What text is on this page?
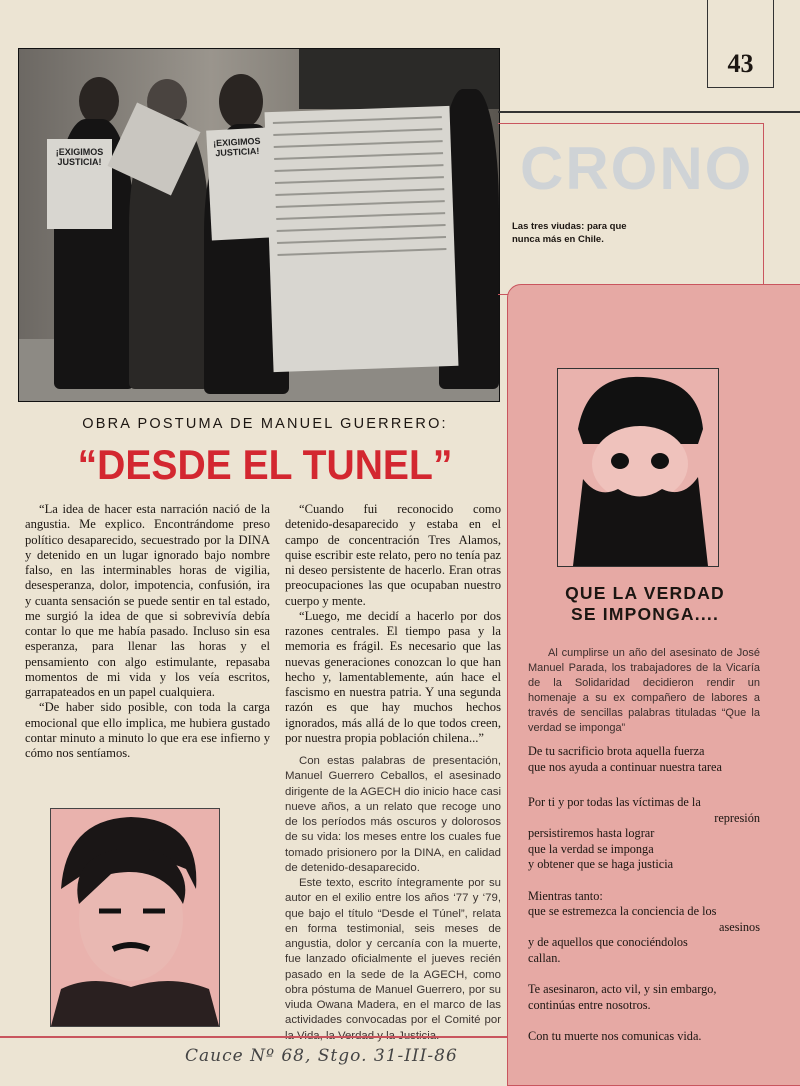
¡EXIGIMOS JUSTICIA!
¡EXIGIMOS JUSTICIA!
43
CRONO
Las tres viudas: para que nunca más en Chile.
OBRA POSTUMA DE MANUEL GUERRERO:
“DESDE EL TUNEL”

“La idea de hacer esta narración nació de la angustia. Me explico. Encontrándome preso político desaparecido, secuestrado por la DINA y detenido en un lugar ignorado bajo nombre falso, en las interminables horas de vigilia, desesperanza, dolor, impotencia, confusión, ira y cuanta sensación se puede sentir en tal estado, me surgió la idea de que si sobrevivía debía contar lo que me había pasado. Incluso sin esa esperanza, para llenar las horas y el pensamiento con algo estimulante, repasaba momentos de mi vida y los veía escritos, garrapateados en un papel cualquiera.

“De haber sido posible, con toda la carga emocional que ello implica, me hubiera gustado contar minuto a minuto lo que era ese infierno y cómo nos sentíamos.

“Cuando fui reconocido como detenido-desaparecido y estaba en el campo de concentración Tres Alamos, quise escribir este relato, pero no tenía paz ni deseo persistente de hacerlo. Eran otras preocupaciones las que ocupaban nuestro cuerpo y mente.

“Luego, me decidí a hacerlo por dos razones centrales. El tiempo pasa y la memoria es frágil. Es necesario que las nuevas generaciones conozcan lo que han hecho y, lamentablemente, aún hace el fascismo en nuestra patria. Y una segunda razón es que hay muchos hechos ignorados, más allá de lo que todos creen, por nuestra propia población chilena...”

Con estas palabras de presentación, Manuel Guerrero Ceballos, el asesinado dirigente de la AGECH dio inicio hace casi nueve años, a un relato que recoge uno de los períodos más oscuros y dolorosos de su vida: los meses entre los cuales fue tomado prisionero por la DINA, en calidad de detenido-desaparecido.

Este texto, escrito íntegramente por su autor en el exilio entre los años ‘77 y ‘79, que bajo el título “Desde el Túnel”, relata en forma testimonial, seis meses de angustia, dolor y cercanía con la muerte, fue lanzado oficialmente el jueves recién pasado en la sede de la AGECH, como obra póstuma de Manuel Guerrero, por su viuda Owana Madera, en el marco de las actividades convocadas por el Comité por

QUE LA VERDAD
SE IMPONGA....

Al cumplirse un año del asesinato de José Manuel Parada, los trabajadores de la Vicaría de la Solidaridad decidieron rendir un homenaje a su ex compañero de labores a través de sencillas palabras tituladas “Que la verdad se imponga”

De tu sacrificio brota aquella fuerza
que nos ayuda a continuar nuestra tarea
Por ti y por todas las víctimas de la
represión
persistiremos hasta lograr
que la verdad se imponga
y obtener que se haga justicia
Mientras tanto:
que se estremezca la conciencia de los
asesinos
y de aquellos que conociéndolos
callan.
Te asesinaron, acto vil, y sin embargo,
continúas entre nosotros.
Con tu muerte nos comunicas vida.
Cauce Nº 68, Stgo. 31-III-86
